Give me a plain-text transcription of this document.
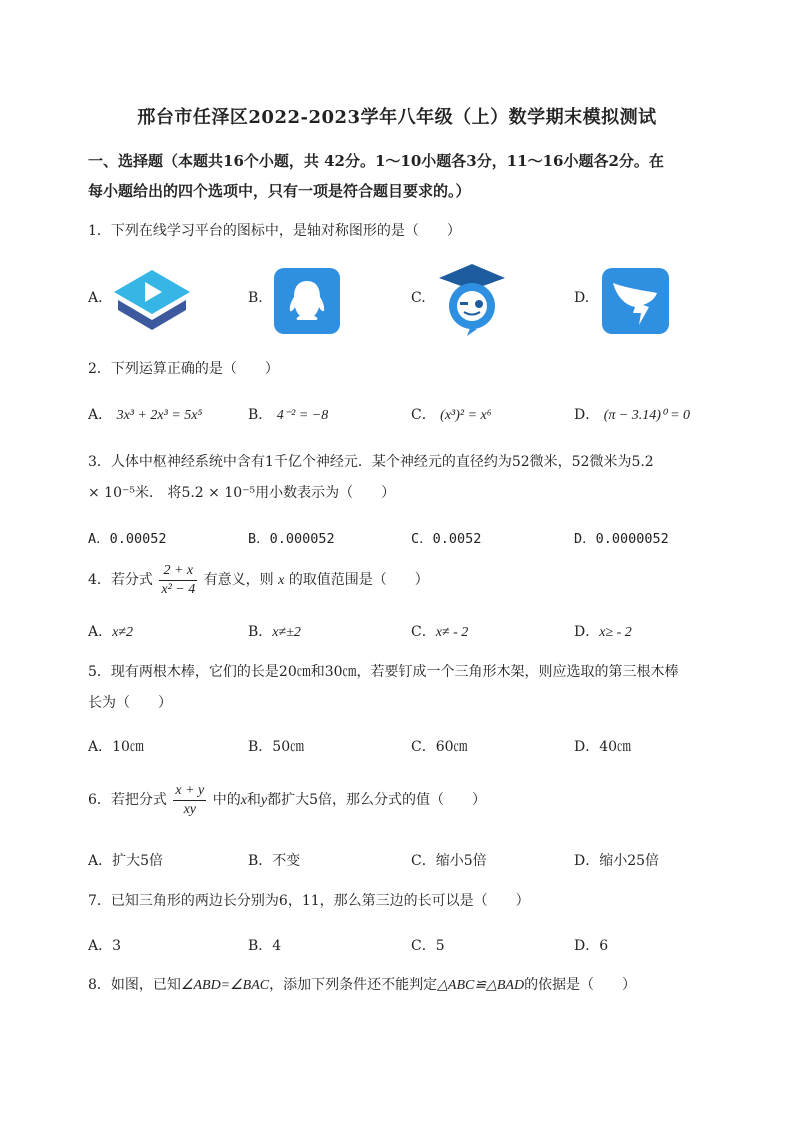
邢台市任泽区2022-2023学年八年级（上）数学期末模拟测试
一、选择题（本题共16个小题，共 42分。1～10小题各3分，11～16小题各2分。在
每小题给出的四个选项中，只有一项是符合题目要求的。）
1．下列在线学习平台的图标中，是轴对称图形的是（　　）
A.	B.	C.	D.
2．下列运算正确的是（　　）
A． 3x³ + 2x³ = 5x⁵	B． 4⁻² = −8	C． (x³)² = x⁶	D． (π − 3.14)⁰ = 0
3．人体中枢神经系统中含有1千亿个神经元．某个神经元的直径约为52微米，52微米为5.2
× 10⁻⁵米． 将5.2 × 10⁻⁵用小数表示为（　　）
A．0.00052	B．0.000052	C．0.0052	D．0.0000052
4．若分式 $\frac{2 + x}{\text{x² − 4}}$ 有意义，则 x 的取值范围是（　　）
A．x≠2	B．x≠±2	C．x≠ - 2	D．x≥ - 2
5．现有两根木棒，它们的长是20㎝和30㎝，若要钉成一个三角形木架，则应选取的第三根木棒
长为（　　）
A．10㎝	B．50㎝	C．60㎝	D．40㎝
6．若把分式 $\frac{x + y}{xy}$ 中的x和y都扩大5倍，那么分式的值（　　）
A．扩大5倍	B．不变	C．缩小5倍	D．缩小25倍
7．已知三角形的两边长分别为6，11，那么第三边的长可以是（　　）
A．3	B．4	C．5	D．6
8．如图，已知∠ABD=∠BAC，添加下列条件还不能判定△ABC≌△BAD的依据是（　　）
